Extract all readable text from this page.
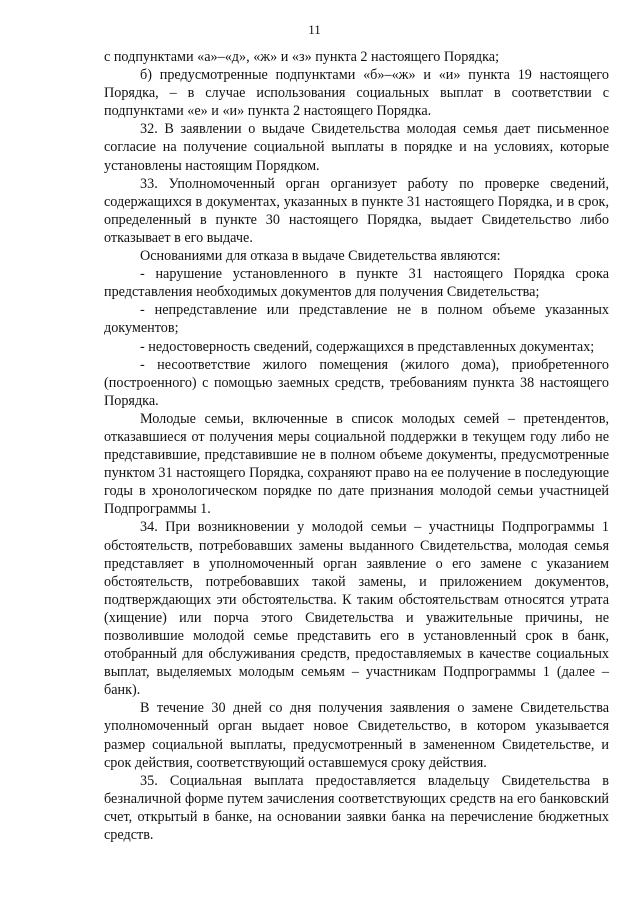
11

с подпунктами «а»–«д», «ж» и «з» пункта 2 настоящего Порядка;

б) предусмотренные подпунктами «б»–«ж» и «и» пункта 19 настоящего Порядка, – в случае использования социальных выплат в соответствии с подпунктами «е» и «и» пункта 2 настоящего Порядка.

32. В заявлении о выдаче Свидетельства молодая семья дает письменное согласие на получение социальной выплаты в порядке и на условиях, которые установлены настоящим Порядком.

33. Уполномоченный орган организует работу по проверке сведений, содержащихся в документах, указанных в пункте 31 настоящего Порядка, и в срок, определенный в пункте 30 настоящего Порядка, выдает Свидетельство либо отказывает в его выдаче.

Основаниями для отказа в выдаче Свидетельства являются:

- нарушение установленного в пункте 31 настоящего Порядка срока представления необходимых документов для получения Свидетельства;

- непредставление или представление не в полном объеме указанных документов;

- недостоверность сведений, содержащихся в представленных документах;

- несоответствие жилого помещения (жилого дома), приобретенного (построенного) с помощью заемных средств, требованиям пункта 38 настоящего Порядка.

Молодые семьи, включенные в список молодых семей – претендентов, отказавшиеся от получения меры социальной поддержки в текущем году либо не представившие, представившие не в полном объеме документы, предусмотренные пунктом 31 настоящего Порядка, сохраняют право на ее получение в последующие годы в хронологическом порядке по дате признания молодой семьи участницей Подпрограммы 1.

34. При возникновении у молодой семьи – участницы Подпрограммы 1 обстоятельств, потребовавших замены выданного Свидетельства, молодая семья представляет в уполномоченный орган заявление о его замене с указанием обстоятельств, потребовавших такой замены, и приложением документов, подтверждающих эти обстоятельства. К таким обстоятельствам относятся утрата (хищение) или порча этого Свидетельства и уважительные причины, не позволившие молодой семье представить его в установленный срок в банк, отобранный для обслуживания средств, предоставляемых в качестве социальных выплат, выделяемых молодым семьям – участникам Подпрограммы 1 (далее – банк).

В течение 30 дней со дня получения заявления о замене Свидетельства уполномоченный орган выдает новое Свидетельство, в котором указывается размер социальной выплаты, предусмотренный в замененном Свидетельстве, и срок действия, соответствующий оставшемуся сроку действия.

35. Социальная выплата предоставляется владельцу Свидетельства в безналичной форме путем зачисления соответствующих средств на его банковский счет, открытый в банке, на основании заявки банка на перечисление бюджетных средств.
